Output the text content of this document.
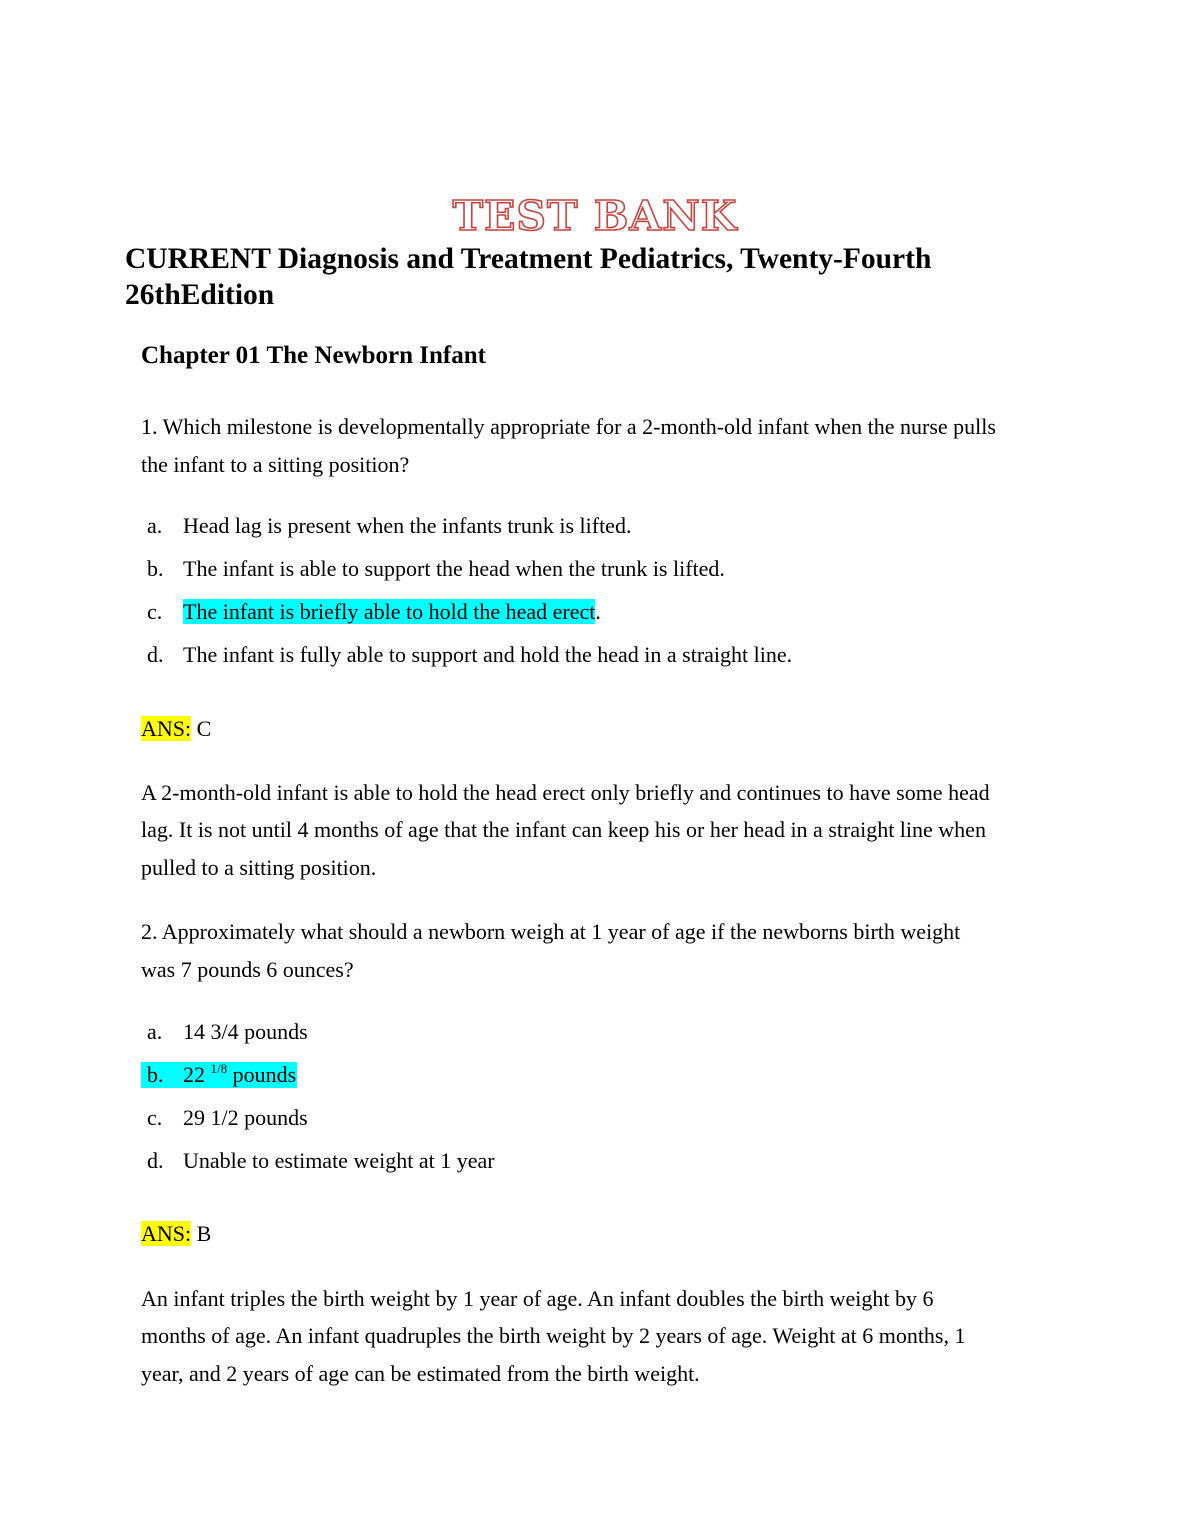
TEST BANK
CURRENT Diagnosis and Treatment Pediatrics, Twenty-Fourth
26thEdition
Chapter 01 The Newborn Infant
1. Which milestone is developmentally appropriate for a 2-month-old infant when the nurse pulls
the infant to a sitting position?
a. Head lag is present when the infants trunk is lifted.
b. The infant is able to support the head when the trunk is lifted.
c. The infant is briefly able to hold the head erect.
d. The infant is fully able to support and hold the head in a straight line.
ANS: C
A 2-month-old infant is able to hold the head erect only briefly and continues to have some head
lag. It is not until 4 months of age that the infant can keep his or her head in a straight line when
pulled to a sitting position.
2. Approximately what should a newborn weigh at 1 year of age if the newborns birth weight
was 7 pounds 6 ounces?
a. 14 3/4 pounds
b. 22 $^{1/8}$ pounds
c. 29 1/2 pounds
d. Unable to estimate weight at 1 year
ANS: B
An infant triples the birth weight by 1 year of age. An infant doubles the birth weight by 6
months of age. An infant quadruples the birth weight by 2 years of age. Weight at 6 months, 1
year, and 2 years of age can be estimated from the birth weight.
